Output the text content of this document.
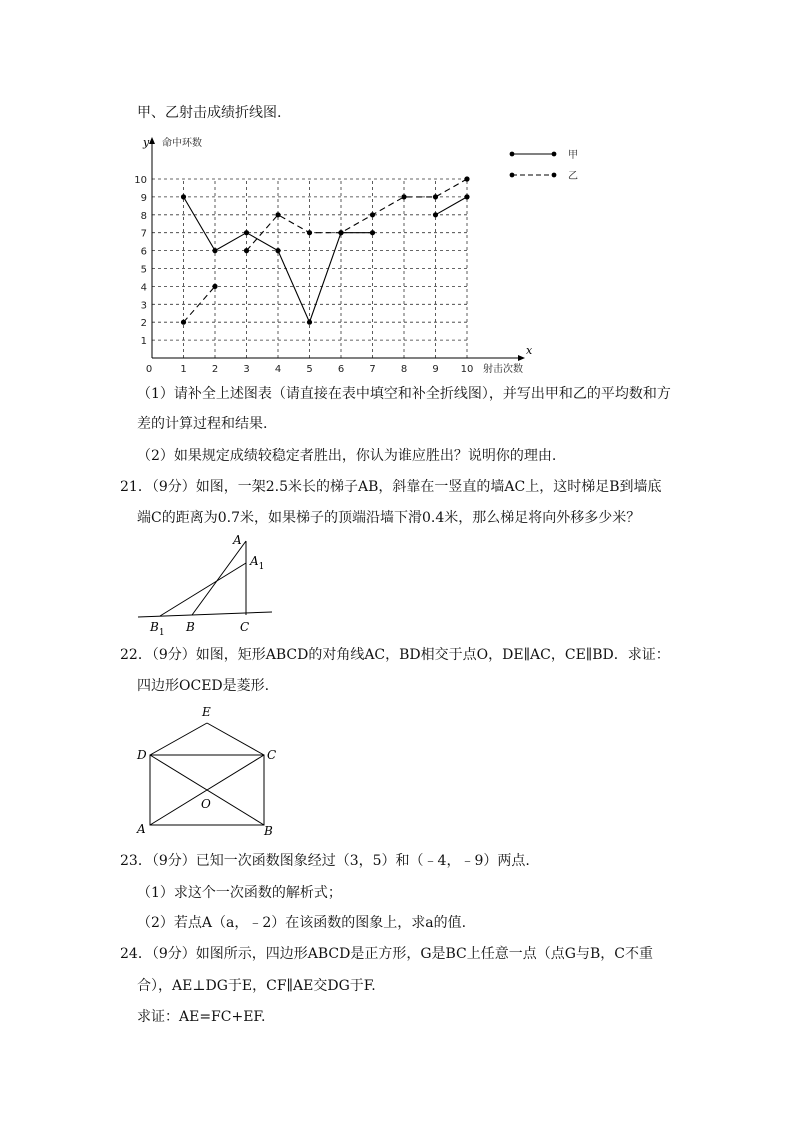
甲、乙射击成绩折线图.
1	2	3	4	5	6	7	8	9 10
1
2
3
4
5
6
7
8
9
10
0
y 命中环数
x
射击次数
甲
乙
（1）请补全上述图表（请直接在表中填空和补全折线图），并写出甲和乙的平均数和方
差的计算过程和结果.
（2）如果规定成绩较稳定者胜出，你认为谁应胜出？说明你的理由.
21．（9分）如图，一架2.5米长的梯子AB，斜靠在一竖直的墙AC上，这时梯足B到墙底
端C的距离为0.7米，如果梯子的顶端沿墙下滑0.4米，那么梯足将向外移多少米？
A
$A_1$
$B_1$ B	C
22．（9分）如图，矩形ABCD的对角线AC，BD相交于点O，DE∥AC，CE∥BD．求证：
四边形OCED是菱形.
E
D	C
O
A	B
23．（9分）已知一次函数图象经过（3，5）和（﹣4，﹣9）两点.
（1）求这个一次函数的解析式；
（2）若点A（a，﹣2）在该函数的图象上，求a的值.
24．（9分）如图所示，四边形ABCD是正方形，G是BC上任意一点（点G与B，C不重
合），AE⊥DG于E，CF∥AE交DG于F.
求证：AE=FC+EF.
